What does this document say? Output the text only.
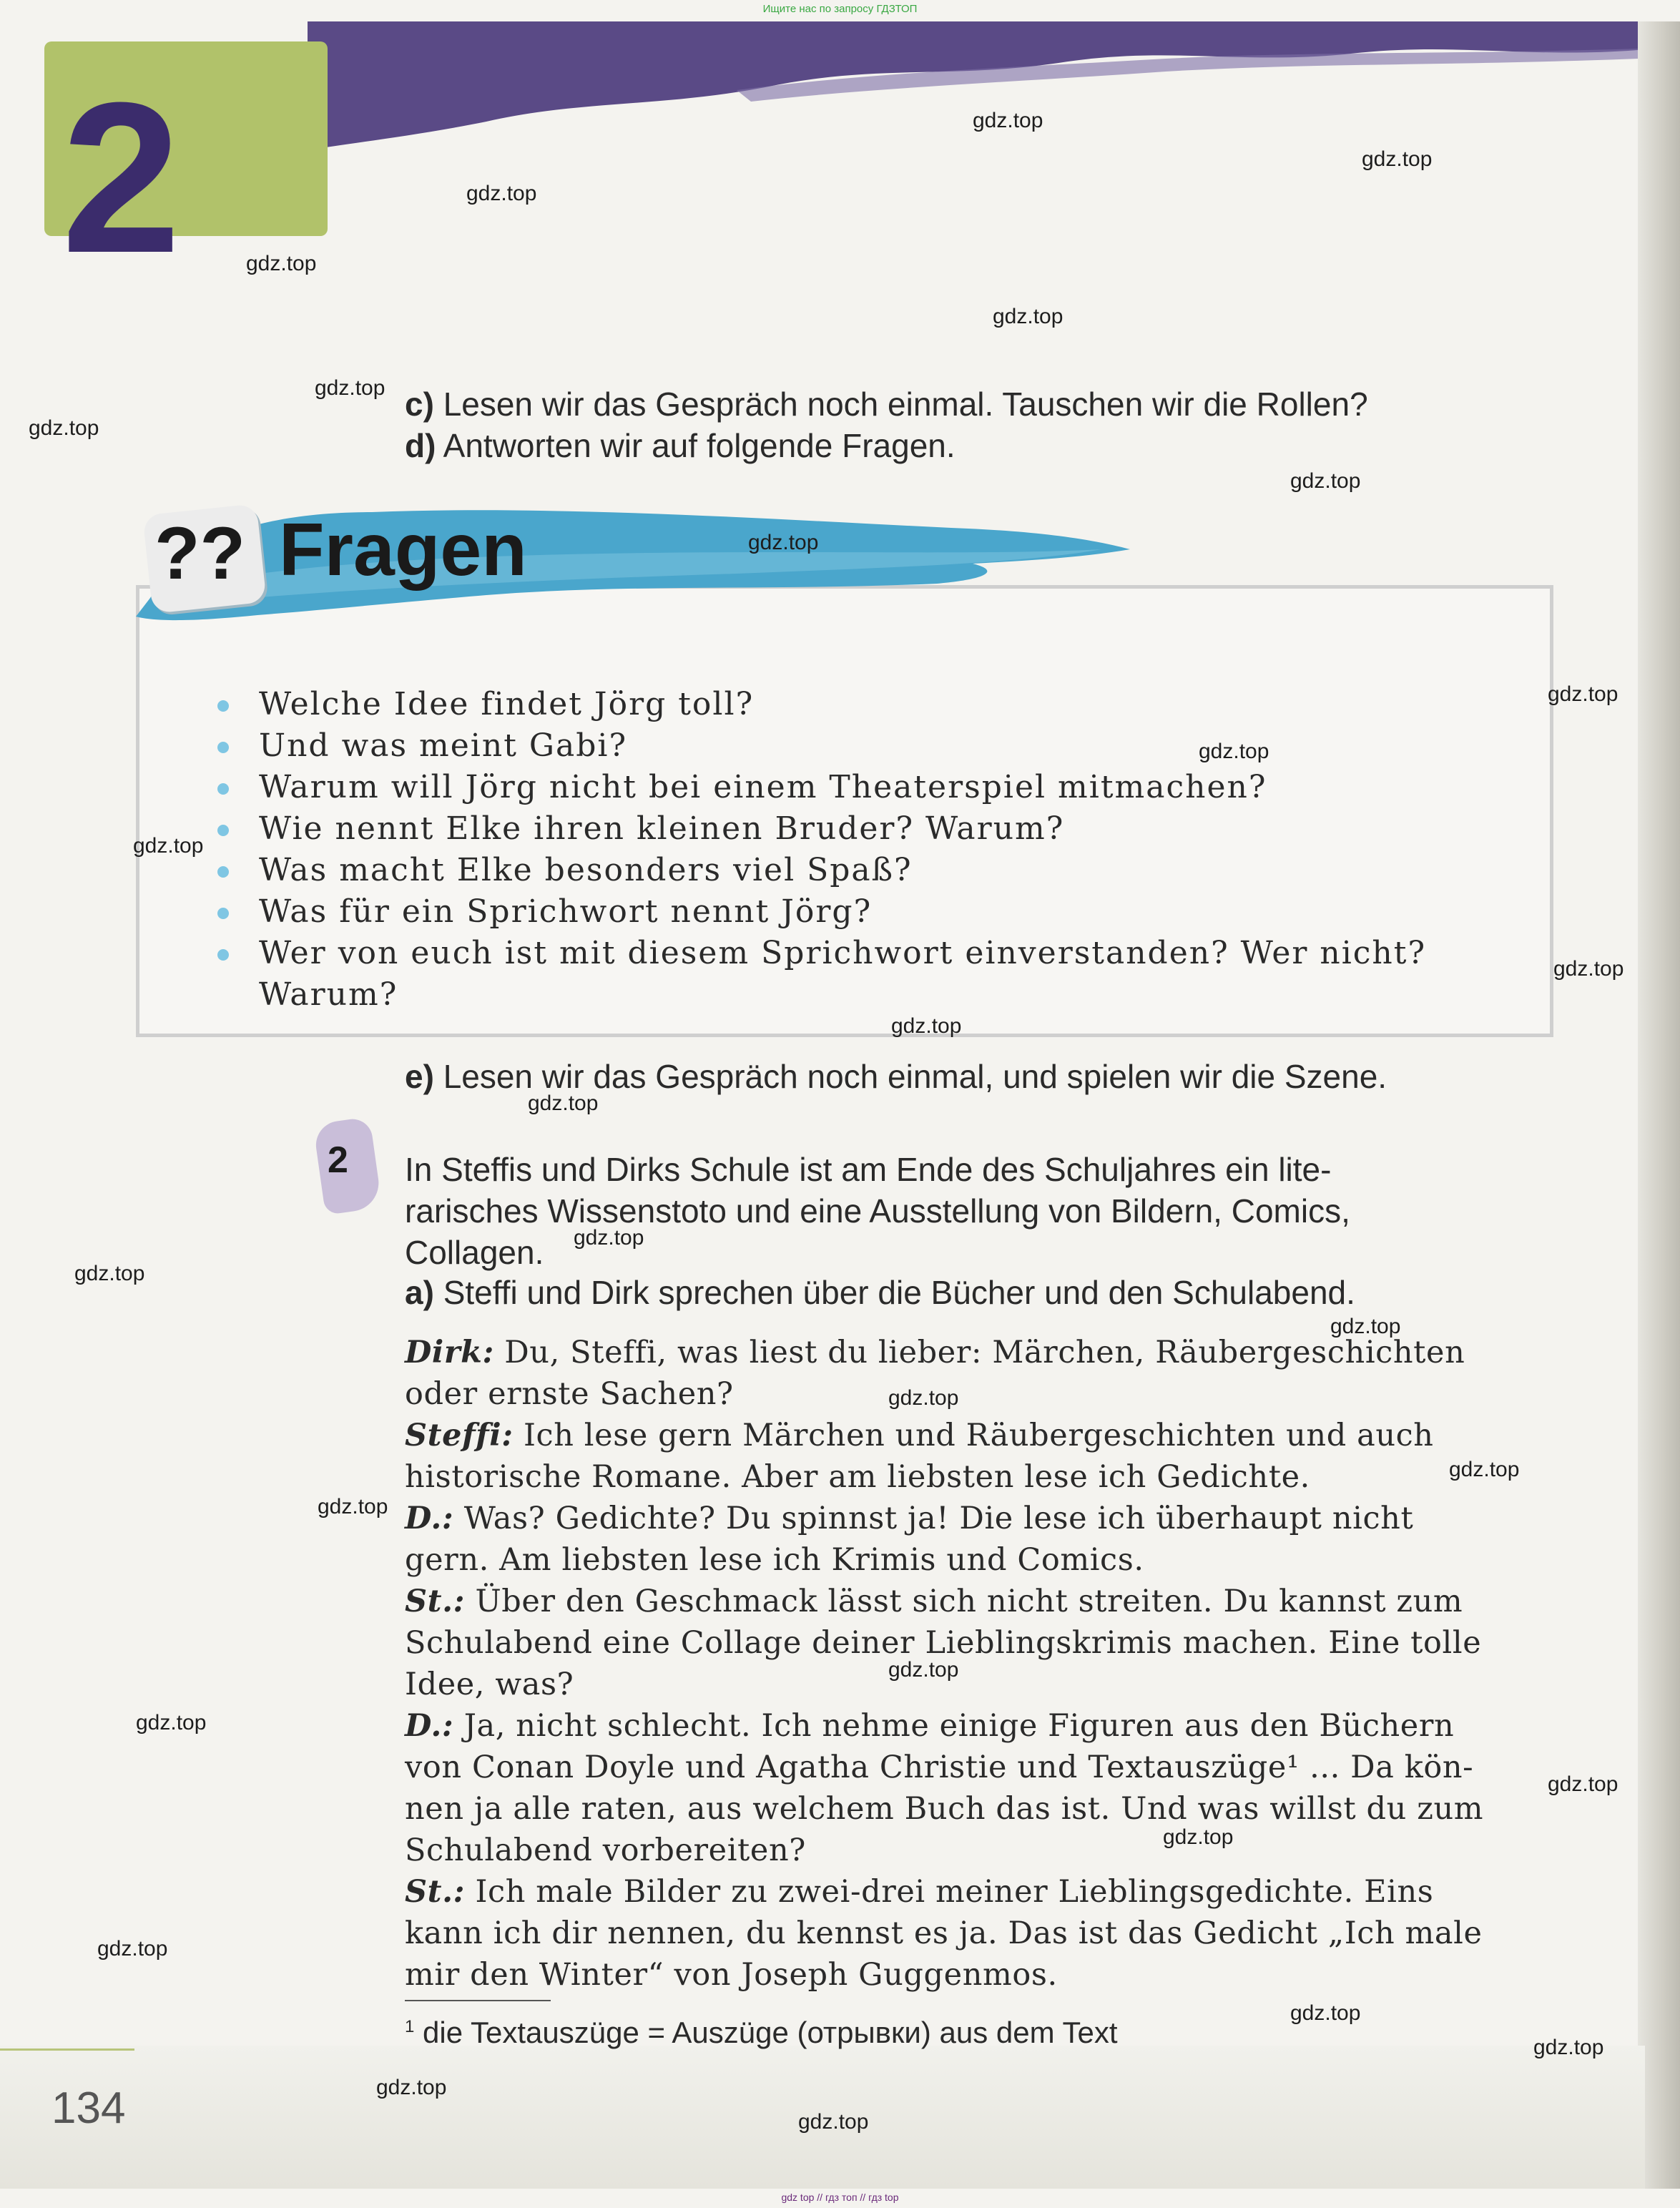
Ищите нас по запросу ГДЗТОП
2
c) Lesen wir das Gespräch noch einmal. Tauschen wir die Rollen?
d) Antworten wir auf folgende Fragen.
?? Fragen
Welche Idee findet Jörg toll?
Und was meint Gabi?
Warum will Jörg nicht bei einem Theaterspiel mitmachen?
Wie nennt Elke ihren kleinen Bruder? Warum?
Was macht Elke besonders viel Spaß?
Was für ein Sprichwort nennt Jörg?
Wer von euch ist mit diesem Sprichwort einverstanden? Wer nicht?
Warum?
e) Lesen wir das Gespräch noch einmal, und spielen wir die Szene.
2 In Steffis und Dirks Schule ist am Ende des Schuljahres ein lite-
rarisches Wissenstoto und eine Ausstellung von Bildern, Comics,
Collagen.
a) Steffi und Dirk sprechen über die Bücher und den Schulabend.
Dirk: Du, Steffi, was liest du lieber: Märchen, Räubergeschichten
oder ernste Sachen?
Steffi: Ich lese gern Märchen und Räubergeschichten und auch
historische Romane. Aber am liebsten lese ich Gedichte.
D.: Was? Gedichte? Du spinnst ja! Die lese ich überhaupt nicht
gern. Am liebsten lese ich Krimis und Comics.
St.: Über den Geschmack lässt sich nicht streiten. Du kannst zum
Schulabend eine Collage deiner Lieblingskrimis machen. Eine tolle
Idee, was?
D.: Ja, nicht schlecht. Ich nehme einige Figuren aus den Büchern
von Conan Doyle und Agatha Christie und Textauszüge¹ ... Da kön-
nen ja alle raten, aus welchem Buch das ist. Und was willst du zum
Schulabend vorbereiten?
St.: Ich male Bilder zu zwei-drei meiner Lieblingsgedichte. Eins
kann ich dir nennen, du kennst es ja. Das ist das Gedicht „Ich male
mir den Winter“ von Joseph Guggenmos.
$^1$ die Textauszüge = Auszüge (отрывки) aus dem Text
134
gdz.top
gdz.top
gdz.top
gdz.top
gdz.top
gdz.top
gdz.top
gdz.top
gdz.top
gdz.top
gdz.top
gdz.top
gdz.top
gdz.top
gdz.top
gdz.top
gdz.top
gdz.top
gdz.top
gdz.top
gdz.top
gdz.top
gdz.top
gdz.top
gdz.top
gdz.top
gdz.top
gdz.top
gdz.top
gdz.top
gdz top // гдз топ // гдз top
